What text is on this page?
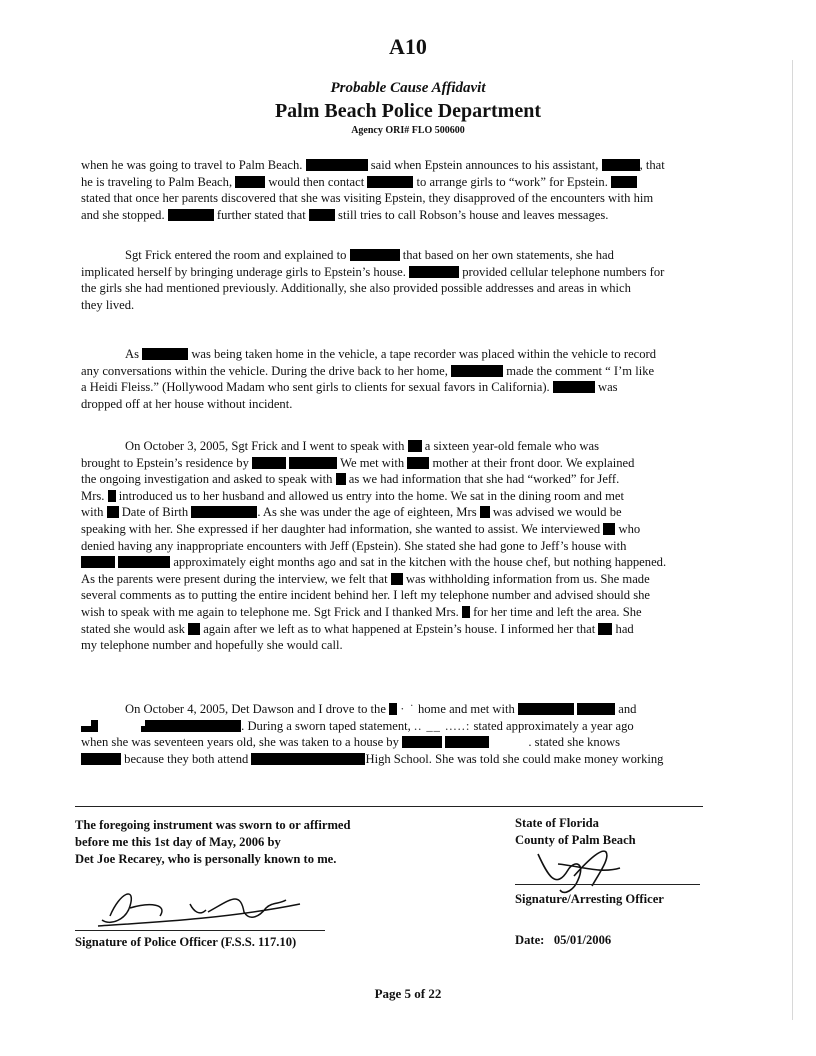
A10
Probable Cause Affidavit
Palm Beach Police Department
Agency ORI# FLO 500600
when he was going to travel to Palm Beach.	said when Epstein announces to his assistant,	, that
he is traveling to Palm Beach,	would then contact	to arrange girls to “work” for Epstein.
stated that once her parents discovered that she was visiting Epstein, they disapproved of the encounters with him
and she stopped.	further stated that	still tries to call Robson’s house and leaves messages.
Sgt Frick entered the room and explained to	that based on her own statements, she had
implicated herself by bringing underage girls to Epstein’s house.	provided cellular telephone numbers for
the girls she had mentioned previously. Additionally, she also provided possible addresses and areas in which
they lived.
As	was being taken home in the vehicle, a tape recorder was placed within the vehicle to record
any conversations within the vehicle. During the drive back to her home,	made the comment “ I’m like
a Heidi Fleiss.” (Hollywood Madam who sent girls to clients for sexual favors in California).	was
dropped off at her house without incident.
On October 3, 2005, Sgt Frick and I went to speak with a sixteen year-old female who was
brought to Epstein’s residence by	We met with mother at their front door. We explained
the ongoing investigation and asked to speak with as we had information that she had “worked” for Jeff.
Mrs. introduced us to her husband and allowed us entry into the home. We sat in the dining room and met
with Date of Birth	. As she was under the age of eighteen, Mrs was advised we would be
speaking with her. She expressed if her daughter had information, she wanted to assist. We interviewed who
denied having any inappropriate encounters with Jeff (Epstein). She stated she had gone to Jeff’s house with
approximately eight months ago and sat in the kitchen with the house chef, but nothing happened.
As the parents were present during the interview, we felt that was withholding information from us. She made
several comments as to putting the entire incident behind her. I left my telephone number and advised should she
wish to speak with me again to telephone me. Sgt Frick and I thanked Mrs. for her time and left the area. She
stated she would ask again after we left as to what happened at Epstein’s house. I informed her that had
my telephone number and hopefully she would call.
On October 4, 2005, Det Dawson and I drove to the · ˙ home and met with	and
. During a sworn taped statement, .. __ .....: stated approximately a year ago
when she was seventeen years old, she was taken to a house by	. stated she knows
because they both attend	High School. She was told she could make money working
The foregoing instrument was sworn to or affirmed
before me this 1st day of May, 2006 by
Det Joe Recarey, who is personally known to me.
State of Florida
County of Palm Beach
Signature/Arresting Officer
Date: 05/01/2006
Signature of Police Officer (F.S.S. 117.10)
Page 5 of 22
